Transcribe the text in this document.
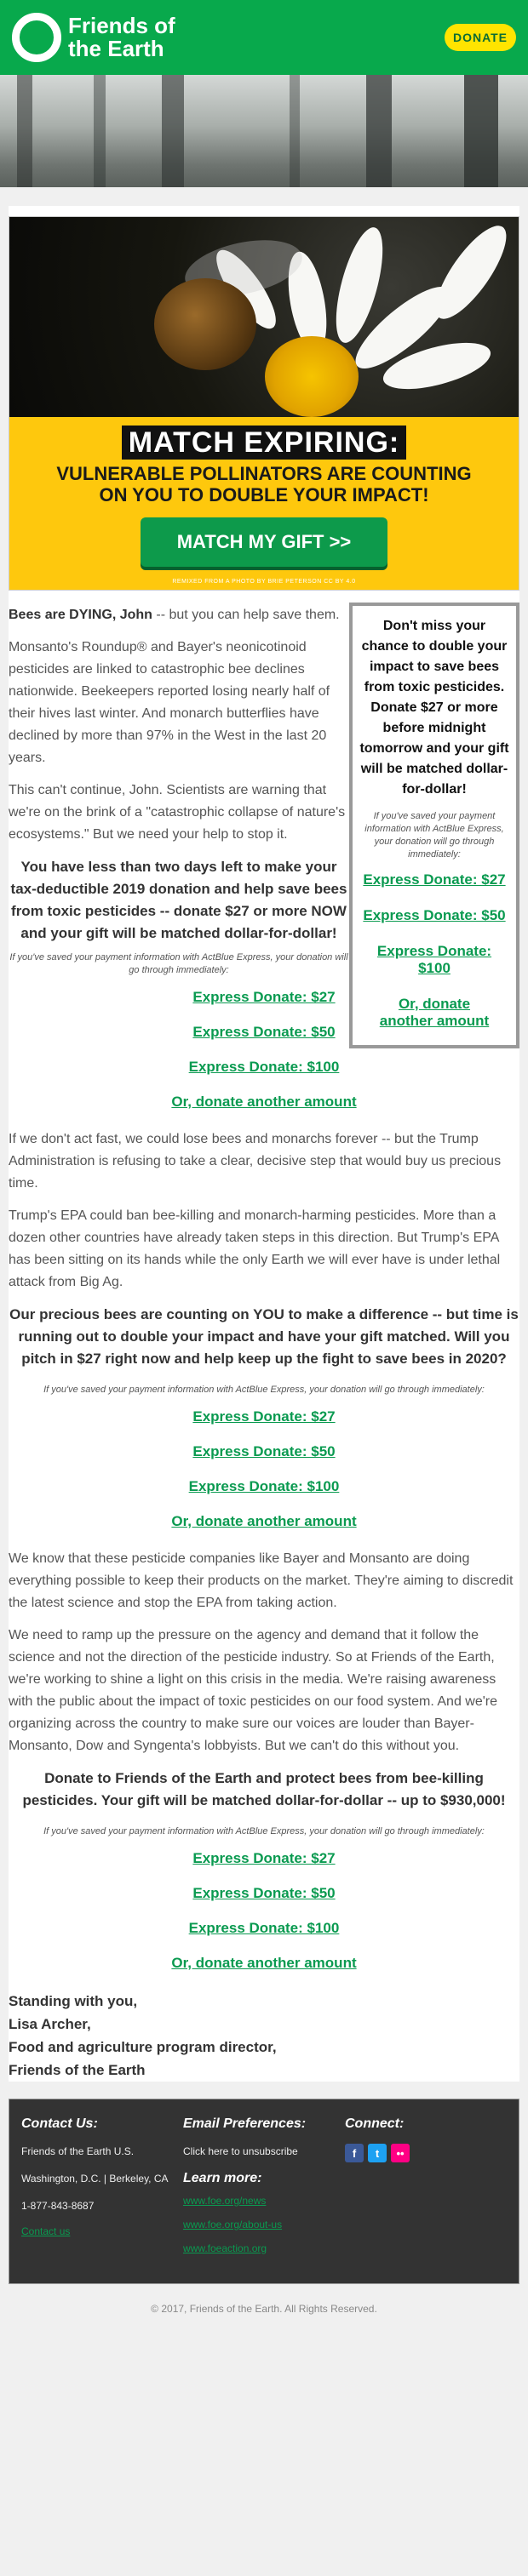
Friends of
the Earth	DONATE
MATCH EXPIRING:
VULNERABLE POLLINATORS ARE COUNTING
ON YOU TO DOUBLE YOUR IMPACT!
MATCH MY GIFT >>
REMIXED FROM A PHOTO BY BRIE PETERSON CC BY 4.0
Don't miss your chance to double your impact to save bees from toxic pesticides. Donate $27 or more before midnight tomorrow and your gift will be matched dollar-for-dollar!
If you've saved your payment information with ActBlue Express, your donation will go through immediately:
Express Donate: $27
Express Donate: $50
Express Donate: $100
Or, donate another amount

Bees are DYING, John -- but you can help save them.

Monsanto's Roundup® and Bayer's neonicotinoid pesticides are linked to catastrophic bee declines nationwide. Beekeepers reported losing nearly half of their hives last winter. And monarch butterflies have declined by more than 97% in the West in the last 20 years.

This can't continue, John. Scientists are warning that we're on the brink of a "catastrophic collapse of nature's ecosystems." But we need your help to stop it.

You have less than two days left to make your tax-deductible 2019 donation and help save bees from toxic pesticides -- donate $27 or more NOW and your gift will be matched dollar-for-dollar!

If you've saved your payment information with ActBlue Express, your donation will go through immediately:
Express Donate: $27
Express Donate: $50
Express Donate: $100
Or, donate another amount

If we don't act fast, we could lose bees and monarchs forever -- but the Trump Administration is refusing to take a clear, decisive step that would buy us precious time.

Trump's EPA could ban bee-killing and monarch-harming pesticides. More than a dozen other countries have already taken steps in this direction. But Trump's EPA has been sitting on its hands while the only Earth we will ever have is under lethal attack from Big Ag.

Our precious bees are counting on YOU to make a difference -- but time is running out to double your impact and have your gift matched. Will you pitch in $27 right now and help keep up the fight to save bees in 2020?

If you've saved your payment information with ActBlue Express, your donation will go through immediately:
Express Donate: $27
Express Donate: $50
Express Donate: $100
Or, donate another amount

We know that these pesticide companies like Bayer and Monsanto are doing everything possible to keep their products on the market. They're aiming to discredit the latest science and stop the EPA from taking action.

We need to ramp up the pressure on the agency and demand that it follow the science and not the direction of the pesticide industry. So at Friends of the Earth, we're working to shine a light on this crisis in the media. We're raising awareness with the public about the impact of toxic pesticides on our food system. And we're organizing across the country to make sure our voices are louder than Bayer-Monsanto, Dow and Syngenta's lobbyists. But we can't do this without you.

Donate to Friends of the Earth and protect bees from bee-killing pesticides. Your gift will be matched dollar-for-dollar -- up to $930,000!

If you've saved your payment information with ActBlue Express, your donation will go through immediately:
Express Donate: $27
Express Donate: $50
Express Donate: $100
Or, donate another amount
Standing with you,
Lisa Archer,
Food and agriculture program director,
Friends of the Earth
Contact Us:
Friends of the Earth U.S.
Washington, D.C. | Berkeley, CA
1-877-843-8687
Contact us
Email Preferences:
Click here to unsubscribe
Learn more:
www.foe.org/news
www.foe.org/about-us
www.foeaction.org
Connect:
f	t	••
© 2017, Friends of the Earth. All Rights Reserved.
